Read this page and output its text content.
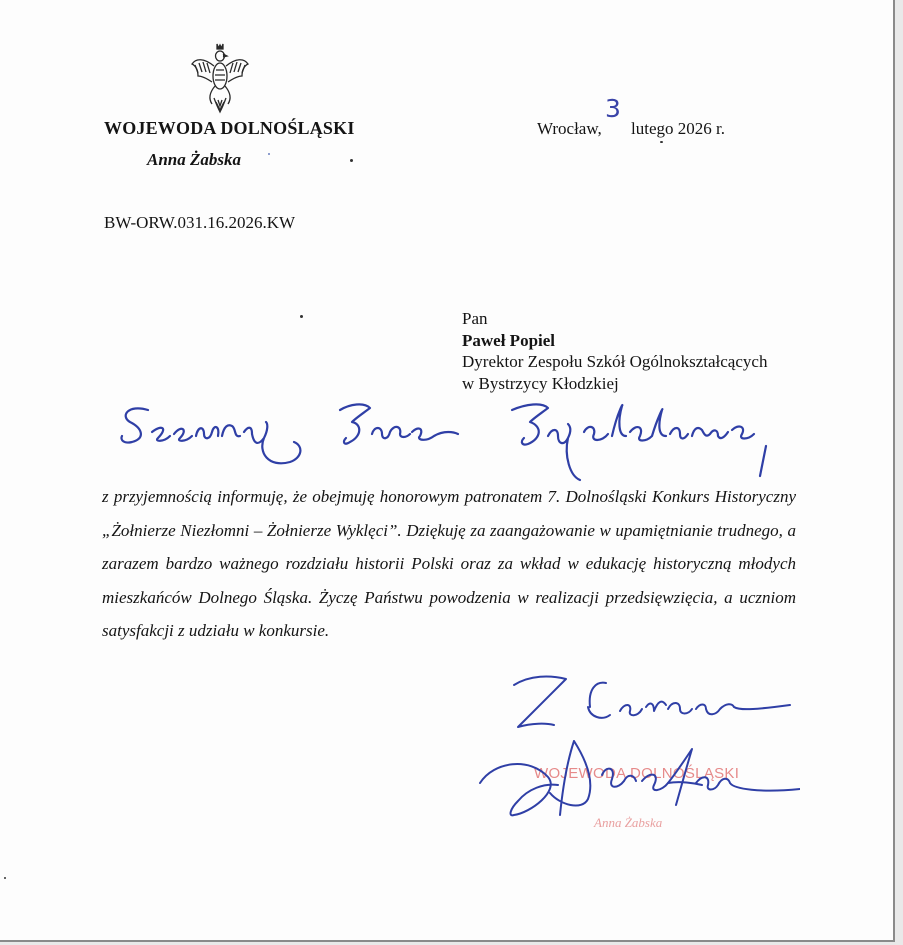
WOJEWODA DOLNOŚLĄSKI
Anna Żabska
Wrocław, lutego 2026 r.
3
BW-ORW.031.16.2026.KW
Pan
Paweł Popiel
Dyrektor Zespołu Szkół Ogólnokształcących
w Bystrzycy Kłodzkiej
z przyjemnością informuję, że obejmuję honorowym patronatem 7. Dolnośląski Konkurs Historyczny „Żołnierze Niezłomni – Żołnierze Wyklęci”. Dziękuję za zaangażowanie w upamiętnianie trudnego, a zarazem bardzo ważnego rozdziału historii Polski oraz za wkład w edukację historyczną młodych mieszkańców Dolnego Śląska. Życzę Państwu powodzenia w realizacji przedsięwzięcia, a uczniom satysfakcji z udziału w konkursie.
WOJEWODA DOLNOŚLĄSKI
Anna Żabska
